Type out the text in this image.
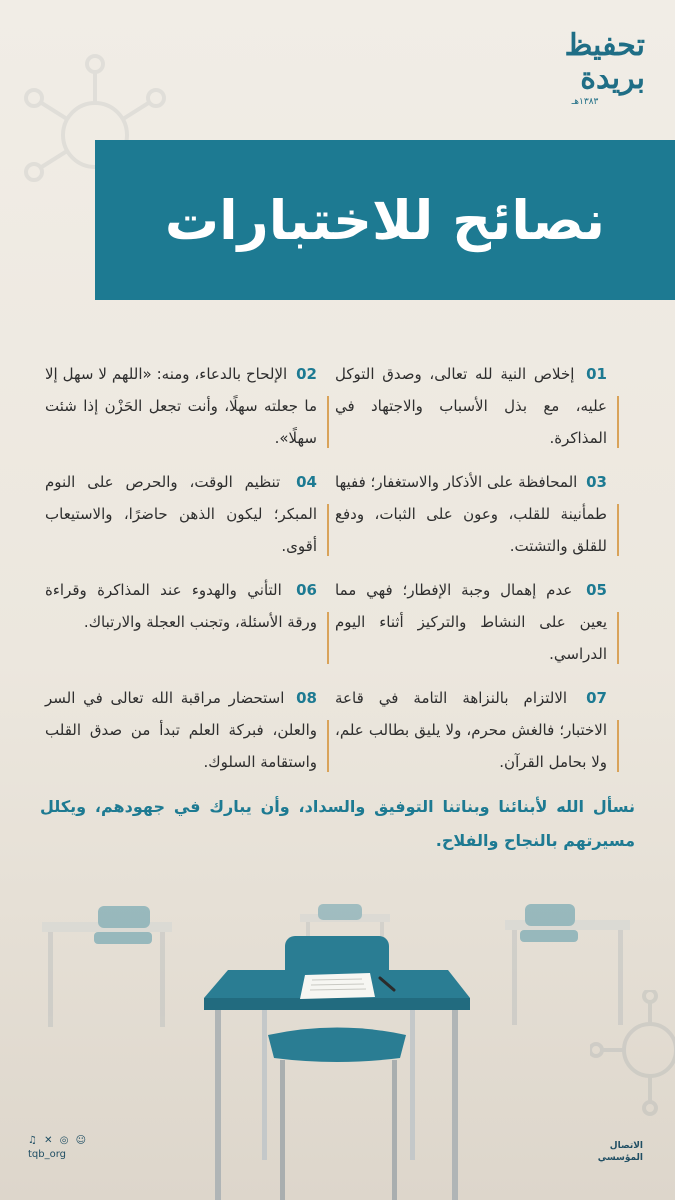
تحفيظ بريدة
١٣٨٣هـ
نصائح للاختبارات
01 إخلاص النية لله تعالى، وصدق التوكل عليه، مع بذل الأسباب والاجتهاد في المذاكرة.
02 الإلحاح بالدعاء، ومنه: «اللهم لا سهل إلا ما جعلته سهلًا، وأنت تجعل الحَزْن إذا شئت سهلًا».
03 المحافظة على الأذكار والاستغفار؛ ففيها طمأنينة للقلب، وعون على الثبات، ودفع للقلق والتشتت.
04 تنظيم الوقت، والحرص على النوم المبكر؛ ليكون الذهن حاضرًا، والاستيعاب أقوى.
05 عدم إهمال وجبة الإفطار؛ فهي مما يعين على النشاط والتركيز أثناء اليوم الدراسي.
06 التأني والهدوء عند المذاكرة وقراءة ورقة الأسئلة، وتجنب العجلة والارتباك.
07 الالتزام بالنزاهة التامة في قاعة الاختبار؛ فالغش محرم، ولا يليق بطالب علم، ولا بحامل القرآن.
08 استحضار مراقبة الله تعالى في السر والعلن، فبركة العلم تبدأ من صدق القلب واستقامة السلوك.
نسأل الله لأبنائنا وبناتنا التوفيق والسداد، وأن يبارك في جهودهم، ويكلل مسيرتهم بالنجاح والفلاح.
♫ ✕ ◎ ☺
tqb_org
الاتصال
المؤسسي
